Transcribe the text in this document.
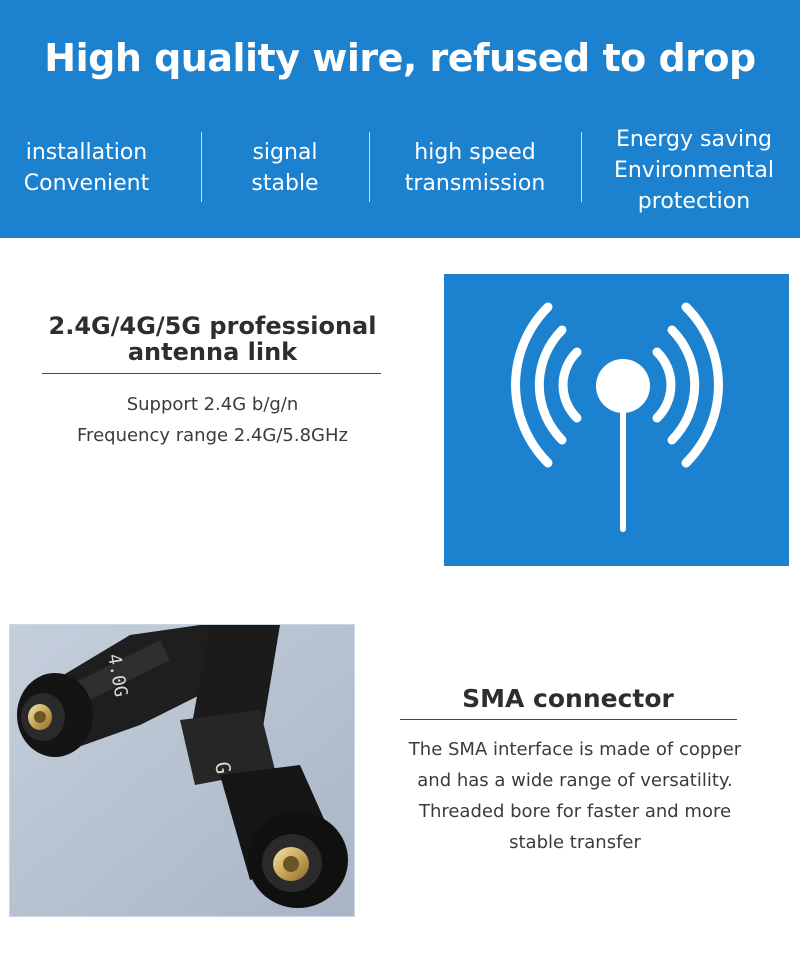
High quality wire, refused to drop
installation
Convenient
signal
stable
high speed
transmission
Energy saving
Environmental
protection
2.4G/4G/5G professional
antenna link
Support 2.4G b/g/n
Frequency range 2.4G/5.8GHz
4.0G
G
SMA connector
The SMA interface is made of copper
and has a wide range of versatility.
Threaded bore for faster and more
stable transfer
